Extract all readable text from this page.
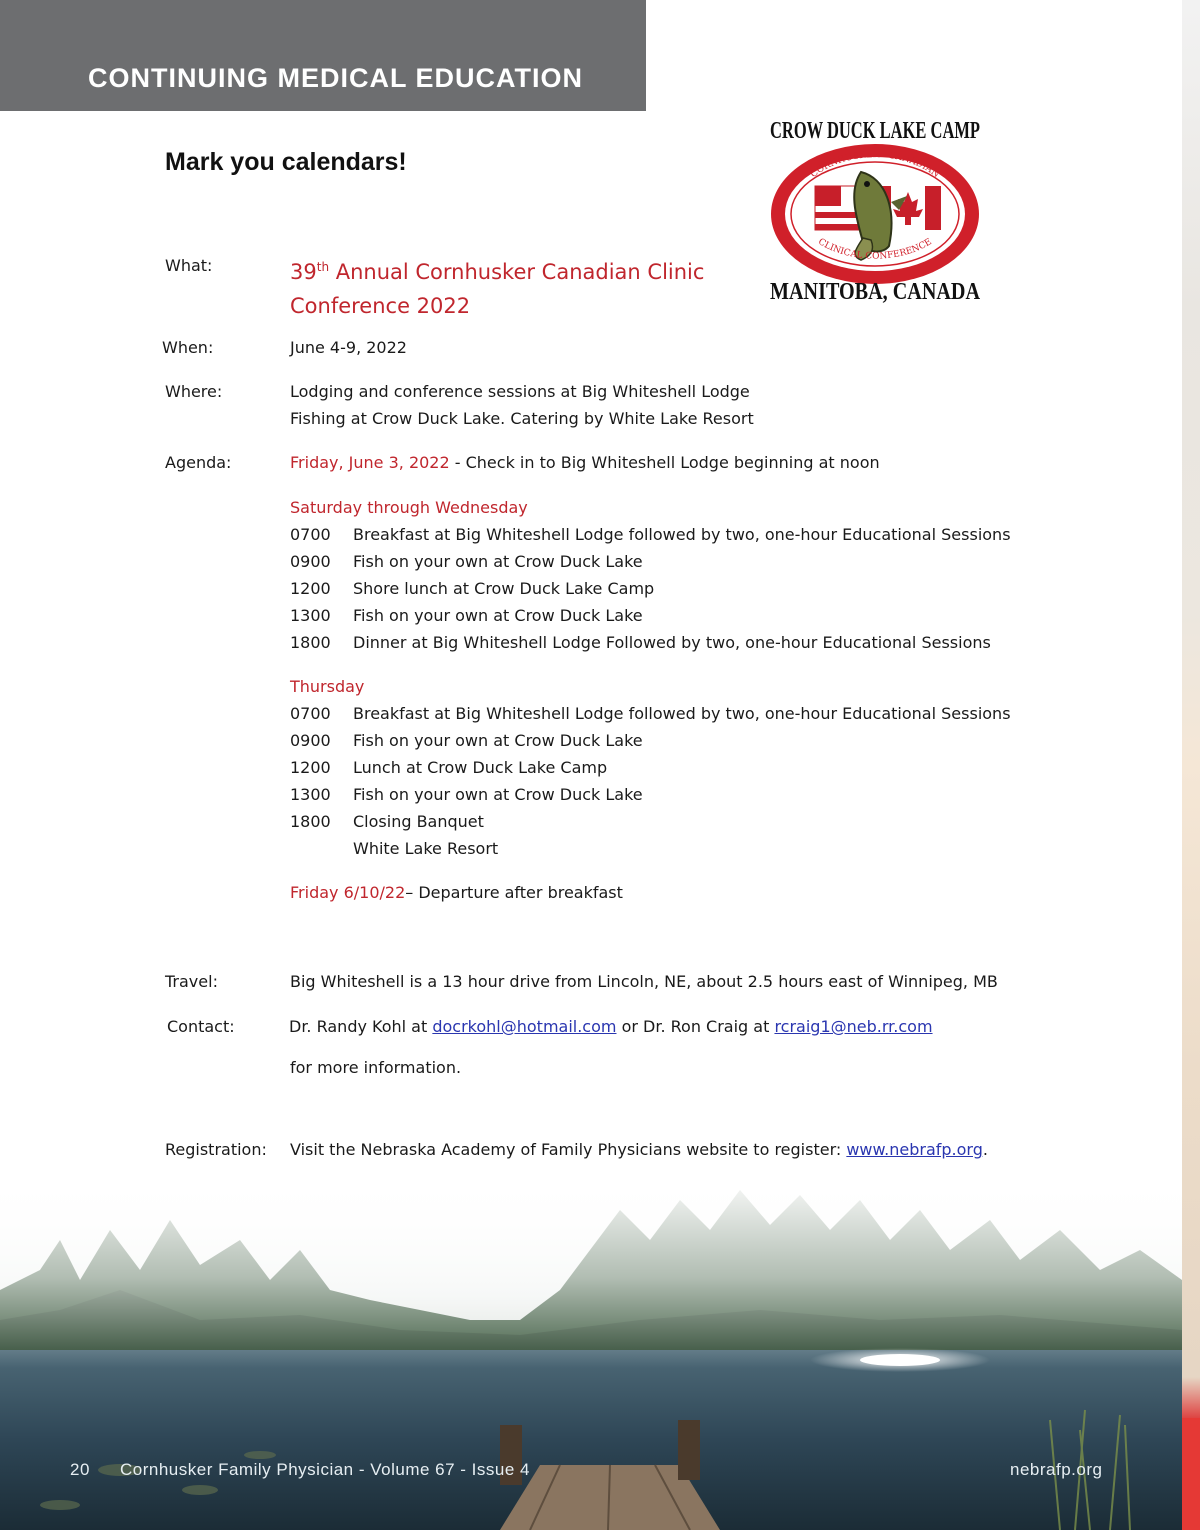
CONTINUING MEDICAL EDUCATION
Mark you calendars!
CROW DUCK LAKE CAMP
CORNHUSKER - CANADIAN
CLINICAL CONFERENCE
MANITOBA, CANADA
What:	39th Annual Cornhusker Canadian Clinic
Conference 2022
When:	June 4-9, 2022
Where:	Lodging and conference sessions at Big Whiteshell Lodge
Fishing at Crow Duck Lake. Catering by White Lake Resort
Agenda:	Friday, June 3, 2022 - Check in to Big Whiteshell Lodge beginning at noon
Saturday through Wednesday
0700 Breakfast at Big Whiteshell Lodge followed by two, one-hour Educational Sessions
0900 Fish on your own at Crow Duck Lake
1200 Shore lunch at Crow Duck Lake Camp
1300 Fish on your own at Crow Duck Lake
1800 Dinner at Big Whiteshell Lodge Followed by two, one-hour Educational Sessions
Thursday
0700 Breakfast at Big Whiteshell Lodge followed by two, one-hour Educational Sessions
0900 Fish on your own at Crow Duck Lake
1200 Lunch at Crow Duck Lake Camp
1300 Fish on your own at Crow Duck Lake
1800 Closing Banquet
White Lake Resort
Friday 6/10/22– Departure after breakfast
Travel:	Big Whiteshell is a 13 hour drive from Lincoln, NE, about 2.5 hours east of Winnipeg, MB
Contact:	Dr. Randy Kohl at docrkohl@hotmail.com or Dr. Ron Craig at rcraig1@neb.rr.com
for more information.
Registration: Visit the Nebraska Academy of Family Physicians website to register: www.nebrafp.org.
20 Cornhusker Family Physician - Volume 67 - Issue 4	nebrafp.org
